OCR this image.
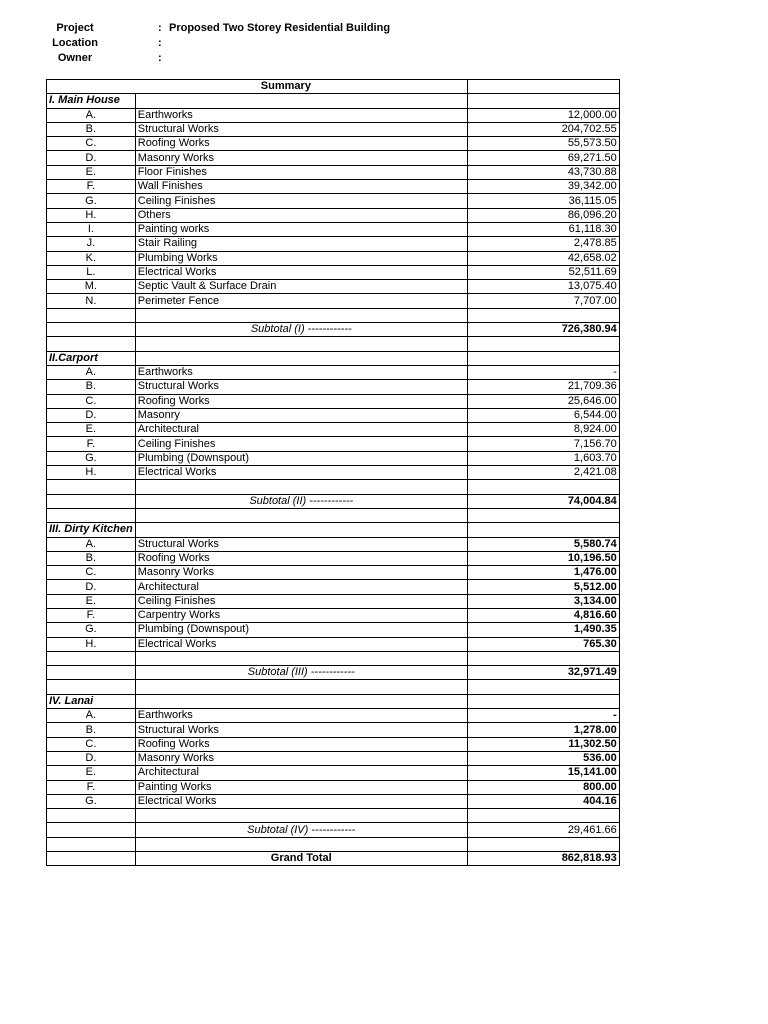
Project	: Proposed Two Storey Residential Building
Location	:
Owner	:
Summary		
I. Main House		
A.	Earthworks	12,000.00
B.	Structural Works	204,702.55
C.	Roofing Works	55,573.50
D.	Masonry Works	69,271.50
E.	Floor Finishes	43,730.88
F.	Wall Finishes	39,342.00
G.	Ceiling Finishes	36,115.05
H.	Others	86,096.20
I.	Painting works	61,118.30
J.	Stair Railing	2,478.85
K.	Plumbing Works	42,658.02
L.	Electrical Works	52,511.69
M.	Septic Vault & Surface Drain	13,075.40
N.	Perimeter Fence	7,707.00

	Subtotal (I) ------------	726,380.94

II.Carport		
A.	Earthworks	-
B.	Structural Works	21,709.36
C.	Roofing Works	25,646.00
D.	Masonry	6,544.00
E.	Architectural	8,924.00
F.	Ceiling Finishes	7,156.70
G.	Plumbing (Downspout)	1,603.70
H.	Electrical Works	2,421.08

	Subtotal (II) ------------	74,004.84

III. Dirty Kitchen		
A.	Structural Works	5,580.74
B.	Roofing Works	10,196.50
C.	Masonry Works	1,476.00
D.	Architectural	5,512.00
E.	Ceiling Finishes	3,134.00
F.	Carpentry Works	4,816.60
G.	Plumbing (Downspout)	1,490.35
H.	Electrical Works	765.30

	Subtotal (III) ------------	32,971.49

IV. Lanai		
A.	Earthworks	-
B.	Structural Works	1,278.00
C.	Roofing Works	11,302.50
D.	Masonry Works	536.00
E.	Architectural	15,141.00
F.	Painting Works	800.00
G.	Electrical Works	404.16

	Subtotal (IV) ------------	29,461.66

	Grand Total	862,818.93
